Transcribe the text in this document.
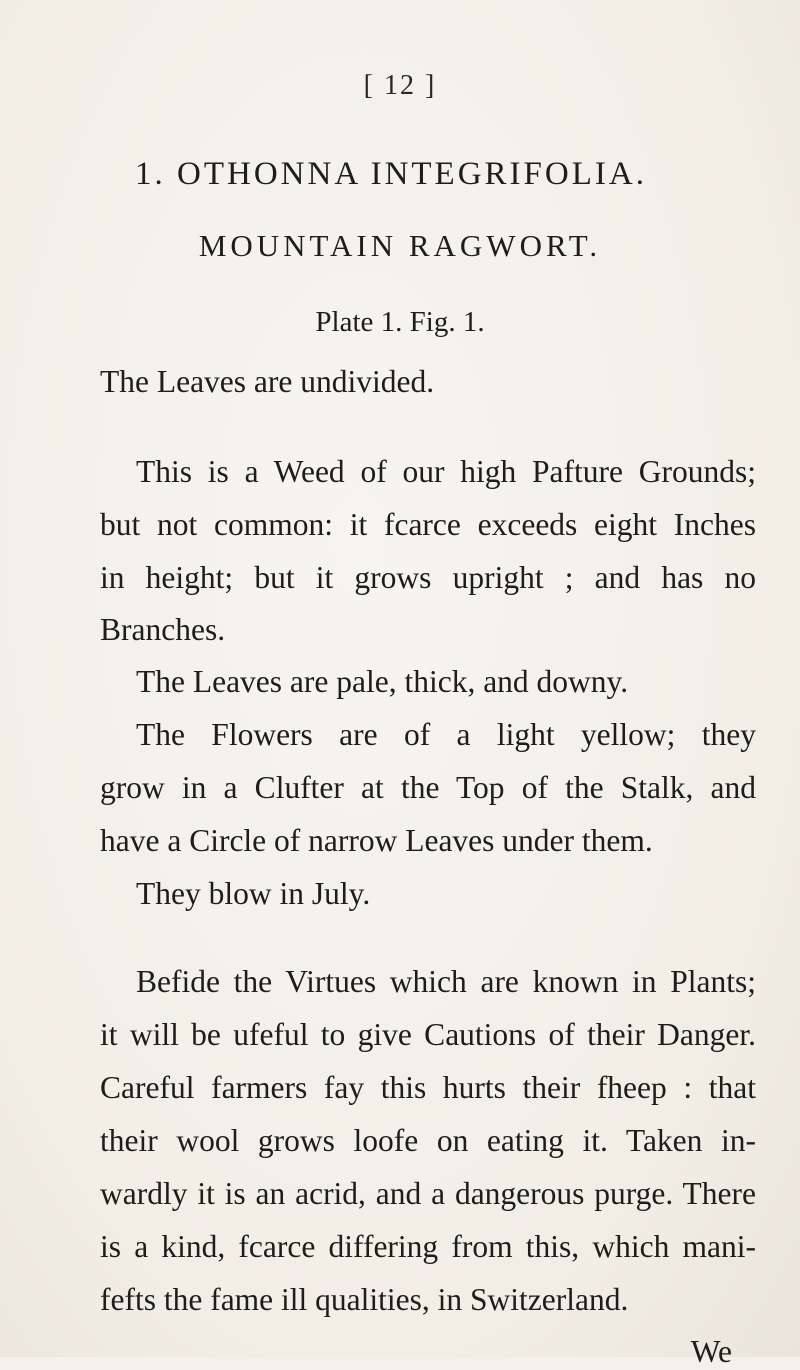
[ 12 ]
1. OTHONNA INTEGRIFOLIA.
MOUNTAIN RAGWORT.
Plate 1. Fig. 1.
The Leaves are undivided.
This is a Weed of our high Pafture Grounds;
but not common: it fcarce exceeds eight Inches
in height; but it grows upright ; and has no
Branches.
The Leaves are pale, thick, and downy.
The Flowers are of a light yellow; they
grow in a Clufter at the Top of the Stalk, and
have a Circle of narrow Leaves under them.
They blow in July.
Befide the Virtues which are known in Plants;
it will be ufeful to give Cautions of their Danger.
Careful farmers fay this hurts their fheep : that
their wool grows loofe on eating it. Taken in-
wardly it is an acrid, and a dangerous purge. There
is a kind, fcarce differing from this, which mani-
fefts the fame ill qualities, in Switzerland.
We
